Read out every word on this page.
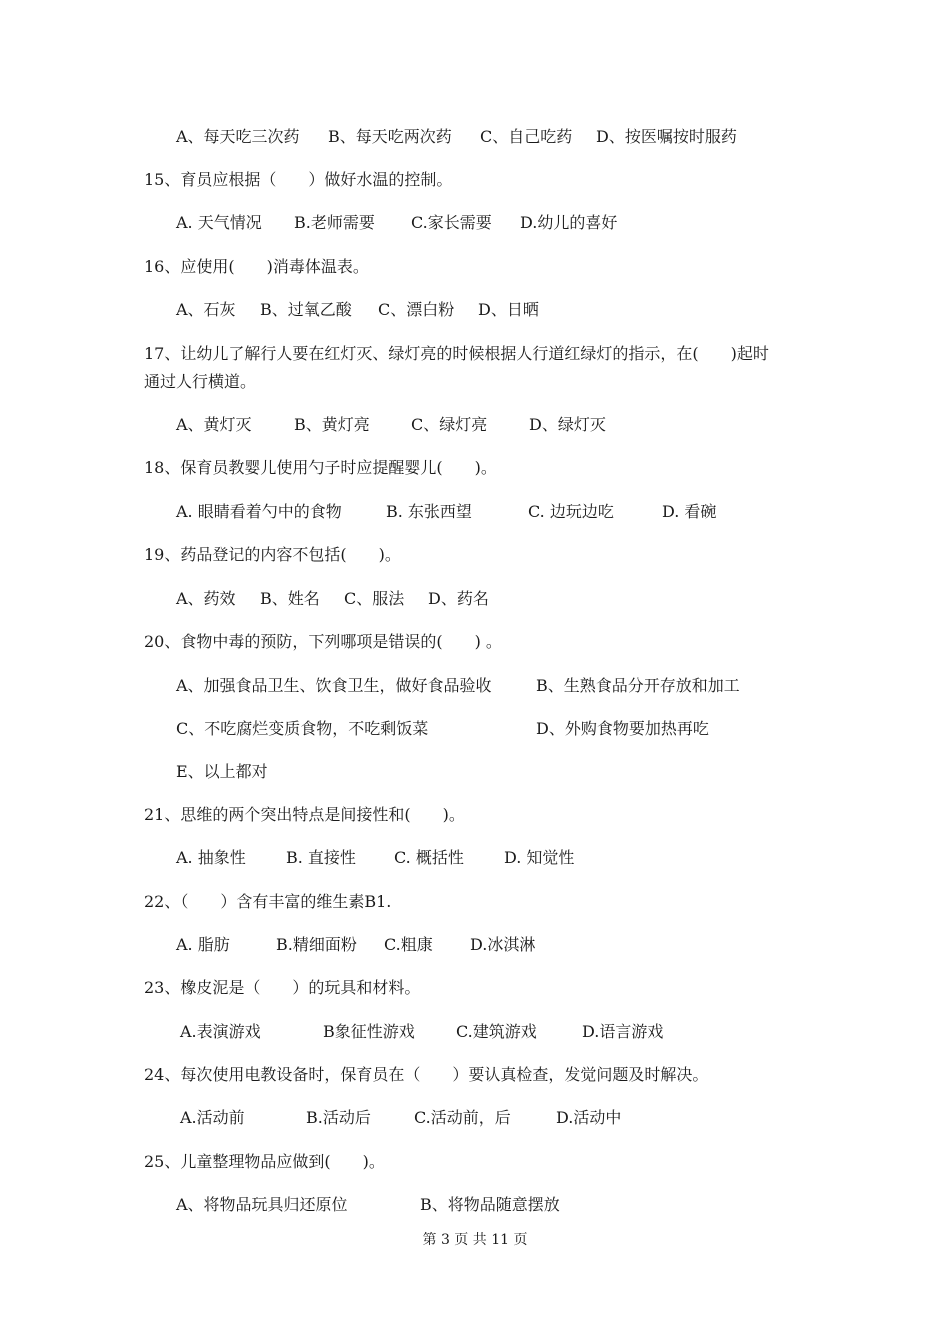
A、每天吃三次药

B、每天吃两次药

C、自己吃药

D、按医嘱按时服药

15、育员应根据（　　）做好水温的控制。

A. 天气情况

B.老师需要

C.家长需要

D.幼儿的喜好

16、应使用(　　)消毒体温表。

A、石灰

B、过氧乙酸

C、漂白粉

D、日晒

17、让幼儿了解行人要在红灯灭、绿灯亮的时候根据人行道红绿灯的指示，在(　　)起时
通过人行横道。

A、黄灯灭

	B、黄灯亮

	C、绿灯亮

	D、绿灯灭

18、保育员教婴儿使用勺子时应提醒婴儿(　　)。

A. 眼睛看着勺中的食物

	B. 东张西望

	C. 边玩边吃

	D. 看碗

19、药品登记的内容不包括(　　)。

A、药效

B、姓名

C、服法

D、药名

20、食物中毒的预防，下列哪项是错误的(　　) 。

A、加强食品卫生、饮食卫生，做好食品验收

	B、生熟食品分开存放和加工

C、不吃腐烂变质食物，不吃剩饭菜

	D、外购食物要加热再吃

E、以上都对

21、思维的两个突出特点是间接性和(　　)。

A. 抽象性

	B. 直接性

C. 概括性

	D. 知觉性

22、（　　）含有丰富的维生素B1.

A. 脂肪

	B.精细面粉

C.粗康

D.冰淇淋

23、橡皮泥是（　　）的玩具和材料。

A.表演游戏

	B象征性游戏

	C.建筑游戏

	D.语言游戏

24、每次使用电教设备时，保育员在（　　）要认真检查，发觉问题及时解决。

A.活动前

	B.活动后

	C.活动前，后

	D.活动中

25、儿童整理物品应做到(　　)。

A、将物品玩具归还原位

	B、将物品随意摆放

第 3 页 共 11 页
